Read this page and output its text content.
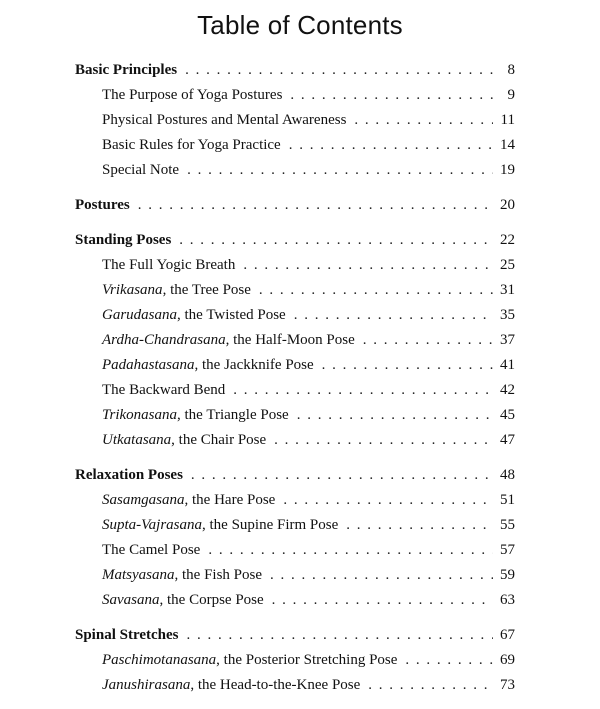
Table of Contents
Basic Principles . . .	8
The Purpose of Yoga Postures . . .	9
Physical Postures and Mental Awareness . . .	11
Basic Rules for Yoga Practice . . .	14
Special Note . . .	19
Postures . . .	20
Standing Poses . . .	22
The Full Yogic Breath . . .	25
Vrikasana, the Tree Pose . . .	31
Garudasana, the Twisted Pose . . .	35
Ardha-Chandrasana, the Half-Moon Pose . . .	37
Padahastasana, the Jackknife Pose . . .	41
The Backward Bend . . .	42
Trikonasana, the Triangle Pose . . .	45
Utkatasana, the Chair Pose . . .	47
Relaxation Poses . . .	48
Sasamgasana, the Hare Pose . . .	51
Supta-Vajrasana, the Supine Firm Pose . . .	55
The Camel Pose . . .	57
Matsyasana, the Fish Pose . . .	59
Savasana, the Corpse Pose . . .	63
Spinal Stretches . . .	67
Paschimotanasana, the Posterior Stretching Pose . . .	69
Janushirasana, the Head-to-the-Knee Pose . . .	73
